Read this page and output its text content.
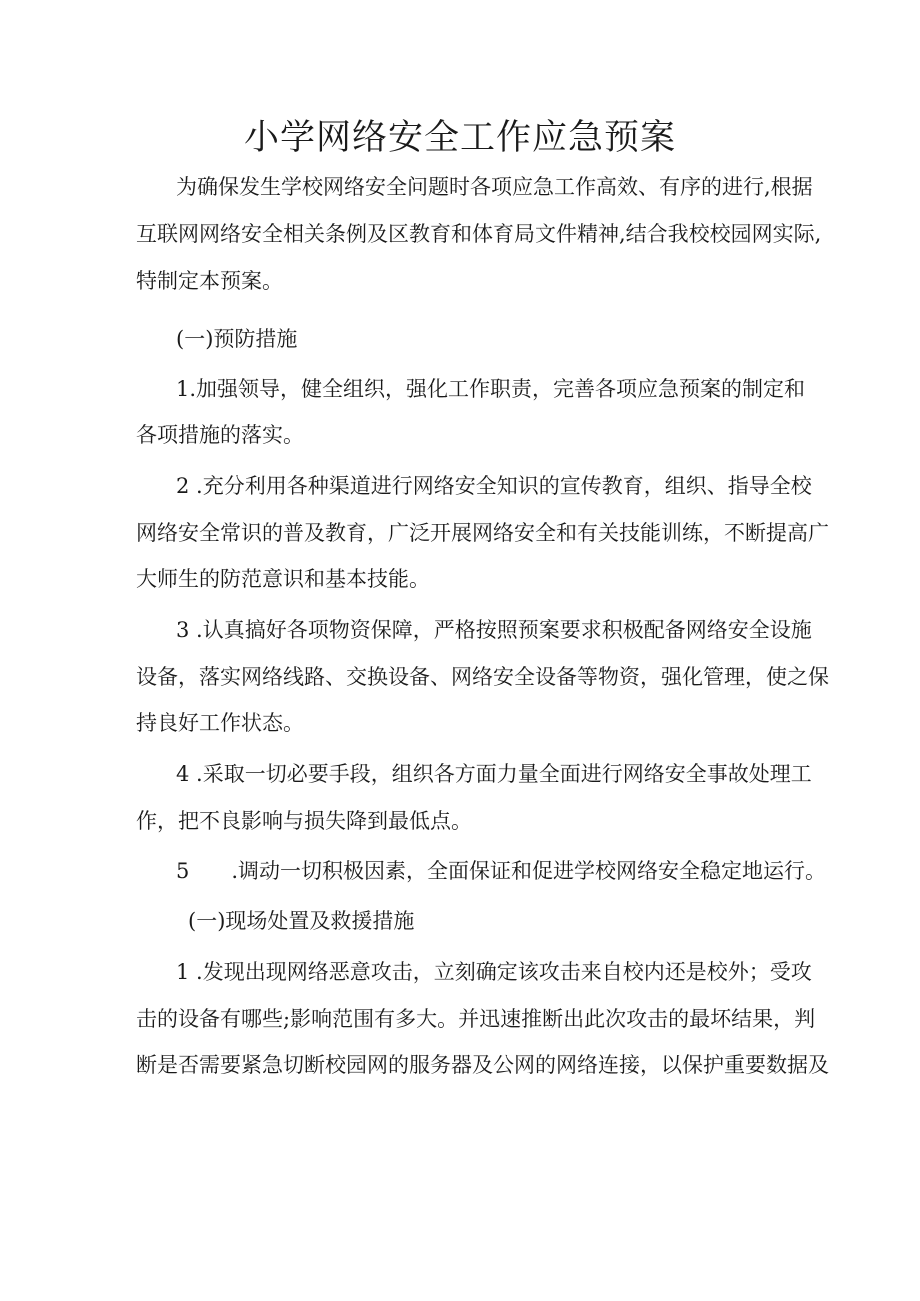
小学网络安全工作应急预案

为确保发生学校网络安全问题时各项应急工作高效、有序的进行,根据

互联网网络安全相关条例及区教育和体育局文件精神,结合我校校园网实际,

特制定本预案。

(一)预防措施

1.加强领导，健全组织，强化工作职责，完善各项应急预案的制定和

各项措施的落实。

2 .充分利用各种渠道进行网络安全知识的宣传教育，组织、指导全校

网络安全常识的普及教育，广泛开展网络安全和有关技能训练，不断提高广

大师生的防范意识和基本技能。

3 .认真搞好各项物资保障，严格按照预案要求积极配备网络安全设施

设备，落实网络线路、交换设备、网络安全设备等物资，强化管理，使之保

持良好工作状态。

4 .采取一切必要手段，组织各方面力量全面进行网络安全事故处理工

作，把不良影响与损失降到最低点。

5　　.调动一切积极因素，全面保证和促进学校网络安全稳定地运行。

(一)现场处置及救援措施

1 .发现出现网络恶意攻击，立刻确定该攻击来自校内还是校外；受攻

击的设备有哪些;影响范围有多大。并迅速推断出此次攻击的最坏结果，判

断是否需要紧急切断校园网的服务器及公网的网络连接，以保护重要数据及
